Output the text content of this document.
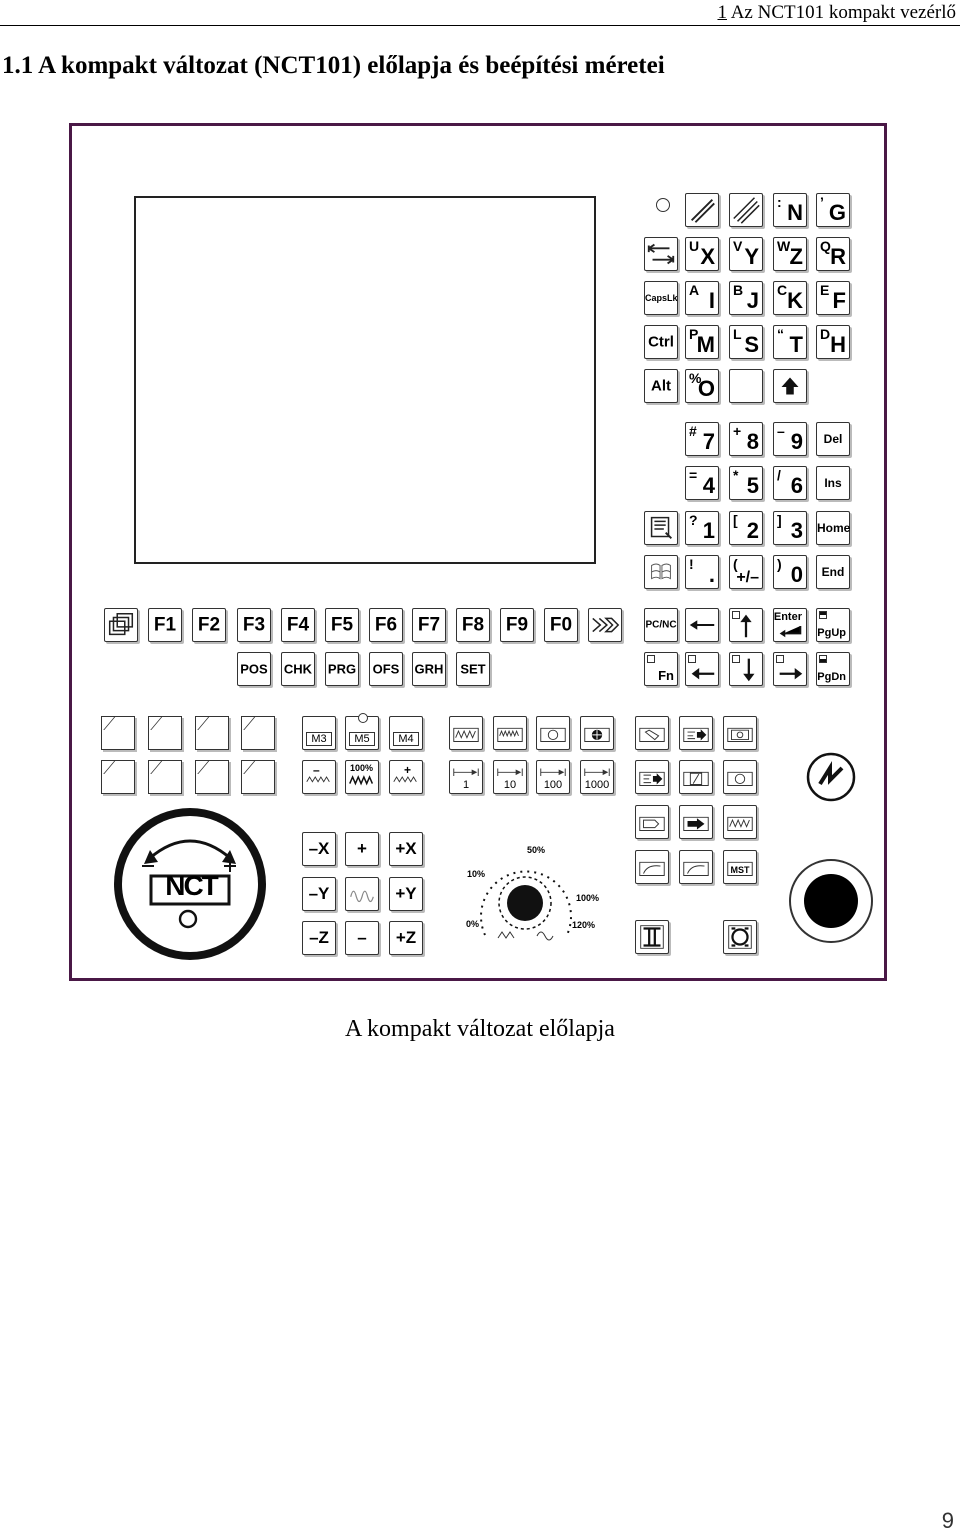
1 Az NCT101 kompakt vezérlő
1.1 A kompakt változat (NCT101) előlapja és beépítési méretei
: N ’ G
U X V Y W Z Q R
CapsLk A I B J C K E F
Ctrl P
M L S “ T D H
Alt	%
O
# 7 + 8 – 9	Del
= 4 * 5 / 6	Ins
? 1 [ 2 ] 3 Home
! . (
+/–
) 0	End
F1 F2 F3 F4 F5 F6 F7 F8 F9 F0	PC/NC
Enter
PgUp
POS CHK PRG OFS GRH SET	Fn	PgDn
M3	M5	M4
–	100%	+
1	10	100	1000
MST
–X	+	+X
–Y	+Y
–Z	–	+Z
NCT
0%
10%
50%
100%
120%
A kompakt változat előlapja
9
